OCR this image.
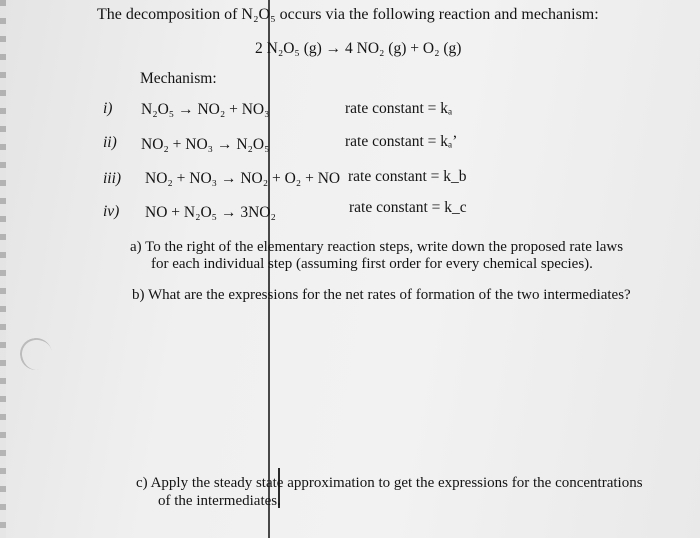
The decomposition of N₂O₅ occurs via the following reaction and mechanism:
2 N₂O₅ (g) → 4 NO₂ (g) + O₂ (g)
Mechanism:
i) N₂O₅ → NO₂ + NO₃	rate constant = kₐ
ii) NO₂ + NO₃ → N₂O₅	rate constant = kₐ’
iii) NO₂ + NO₃ → NO₂ + O₂ + NO rate constant = k_b
iv) NO + N₂O₅ → 3NO₂	rate constant = k_c
a) To the right of the elementary reaction steps, write down the proposed rate laws
for each individual step (assuming first order for every chemical species).
b) What are the expressions for the net rates of formation of the two intermediates?
c) Apply the steady state approximation to get the expressions for the concentrations
of the intermediates.
